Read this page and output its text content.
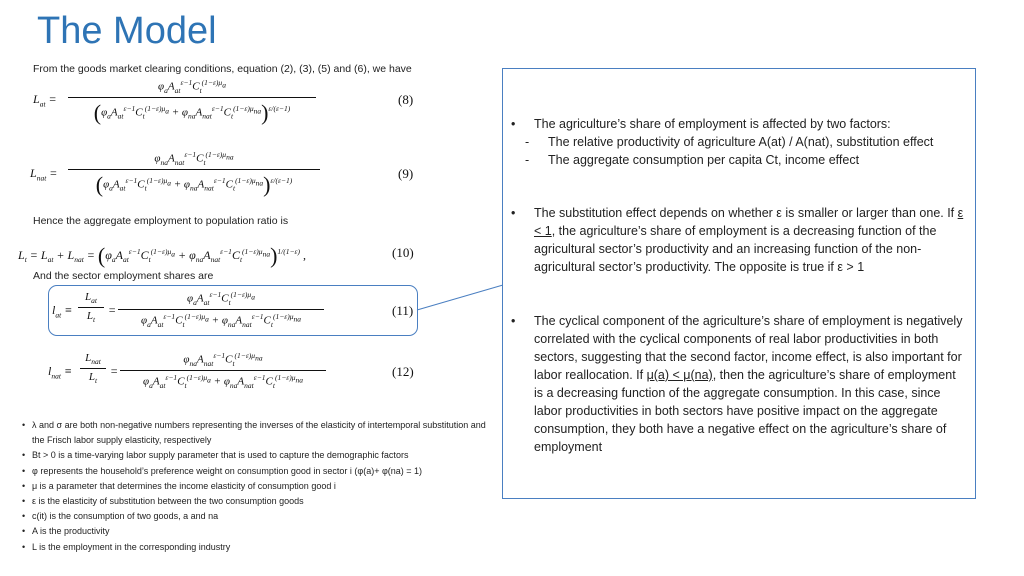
The Model
From the goods market clearing conditions, equation (2), (3), (5) and (6), we have
$L_{at}$ =
$\varphi_aA_{at}^{\varepsilon-1}C_t^{(1-\varepsilon)\mu_a}$
$(\varphi_aA_{at}^{\varepsilon-1}C_t^{(1-\varepsilon)\mu_a} + \varphi_{na}A_{nat}^{\varepsilon-1}C_t^{(1-\varepsilon)\mu_{na}})^{\varepsilon/(\varepsilon-1)}$
(8)
$L_{nat}$ =
$\varphi_{na}A_{nat}^{\varepsilon-1}C_t^{(1-\varepsilon)\mu_{na}}$
$(\varphi_aA_{at}^{\varepsilon-1}C_t^{(1-\varepsilon)\mu_a} + \varphi_{na}A_{nat}^{\varepsilon-1}C_t^{(1-\varepsilon)\mu_{na}})^{\varepsilon/(\varepsilon-1)}$	(9)
Hence the aggregate employment to population ratio is
$L_t = L_{at} + L_{nat} = (\varphi_aA_{at}^{\varepsilon-1}C_t^{(1-\varepsilon)\mu_a} + \varphi_{na}A_{nat}^{\varepsilon-1}C_t^{(1-\varepsilon)\mu_{na}})^{1/(1-\varepsilon)}$ ,	(10)
And the sector employment shares are
$l_{at}$ ≡
$L_{at}$
$L_t$
=
$\varphi_aA_{at}^{\varepsilon-1}C_t^{(1-\varepsilon)\mu_a}$
$\varphi_aA_{at}^{\varepsilon-1}C_t^{(1-\varepsilon)\mu_a} + \varphi_{na}A_{nat}^{\varepsilon-1}C_t^{(1-\varepsilon)\mu_{na}}$
(11)
$l_{nat}$ ≡
$L_{nat}$
$L_t$
=
$\varphi_{na}A_{nat}^{\varepsilon-1}C_t^{(1-\varepsilon)\mu_{na}}$
$\varphi_aA_{at}^{\varepsilon-1}C_t^{(1-\varepsilon)\mu_a} + \varphi_{na}A_{nat}^{\varepsilon-1}C_t^{(1-\varepsilon)\mu_{na}}$
(12)
• λ and σ are both non-negative numbers representing the inverses of the elasticity of intertemporal substitution and the Frisch labor supply elasticity, respectively
• Bt > 0 is a time-varying labor supply parameter that is used to capture the demographic factors
• φ represents the household’s preference weight on consumption good in sector i (φ(a)+ φ(na) = 1)
• μ is a parameter that determines the income elasticity of consumption good i
• ε is the elasticity of substitution between the two consumption goods
• c(it) is the consumption of two goods, a and na
• A is the productivity
• L is the employment in the corresponding industry
• The agriculture’s share of employment is affected by two factors:
- The relative productivity of agriculture A(at) / A(nat), substitution effect
- The aggregate consumption per capita Ct, income effect
• The substitution effect depends on whether ε is smaller or larger than one. If ε < 1, the agriculture’s share of employment is a decreasing function of the agricultural sector’s productivity and an increasing function of the non-agricultural sector’s productivity. The opposite is true if ε > 1
• The cyclical component of the agriculture’s share of employment is negatively correlated with the cyclical components of real labor productivities in both sectors, suggesting that the second factor, income effect, is also important for labor reallocation. If μ(a) < μ(na), then the agriculture’s share of employment is a decreasing function of the aggregate consumption. In this case, since labor productivities in both sectors have positive impact on the aggregate consumption, they both have a negative effect on the agriculture’s share of employment
